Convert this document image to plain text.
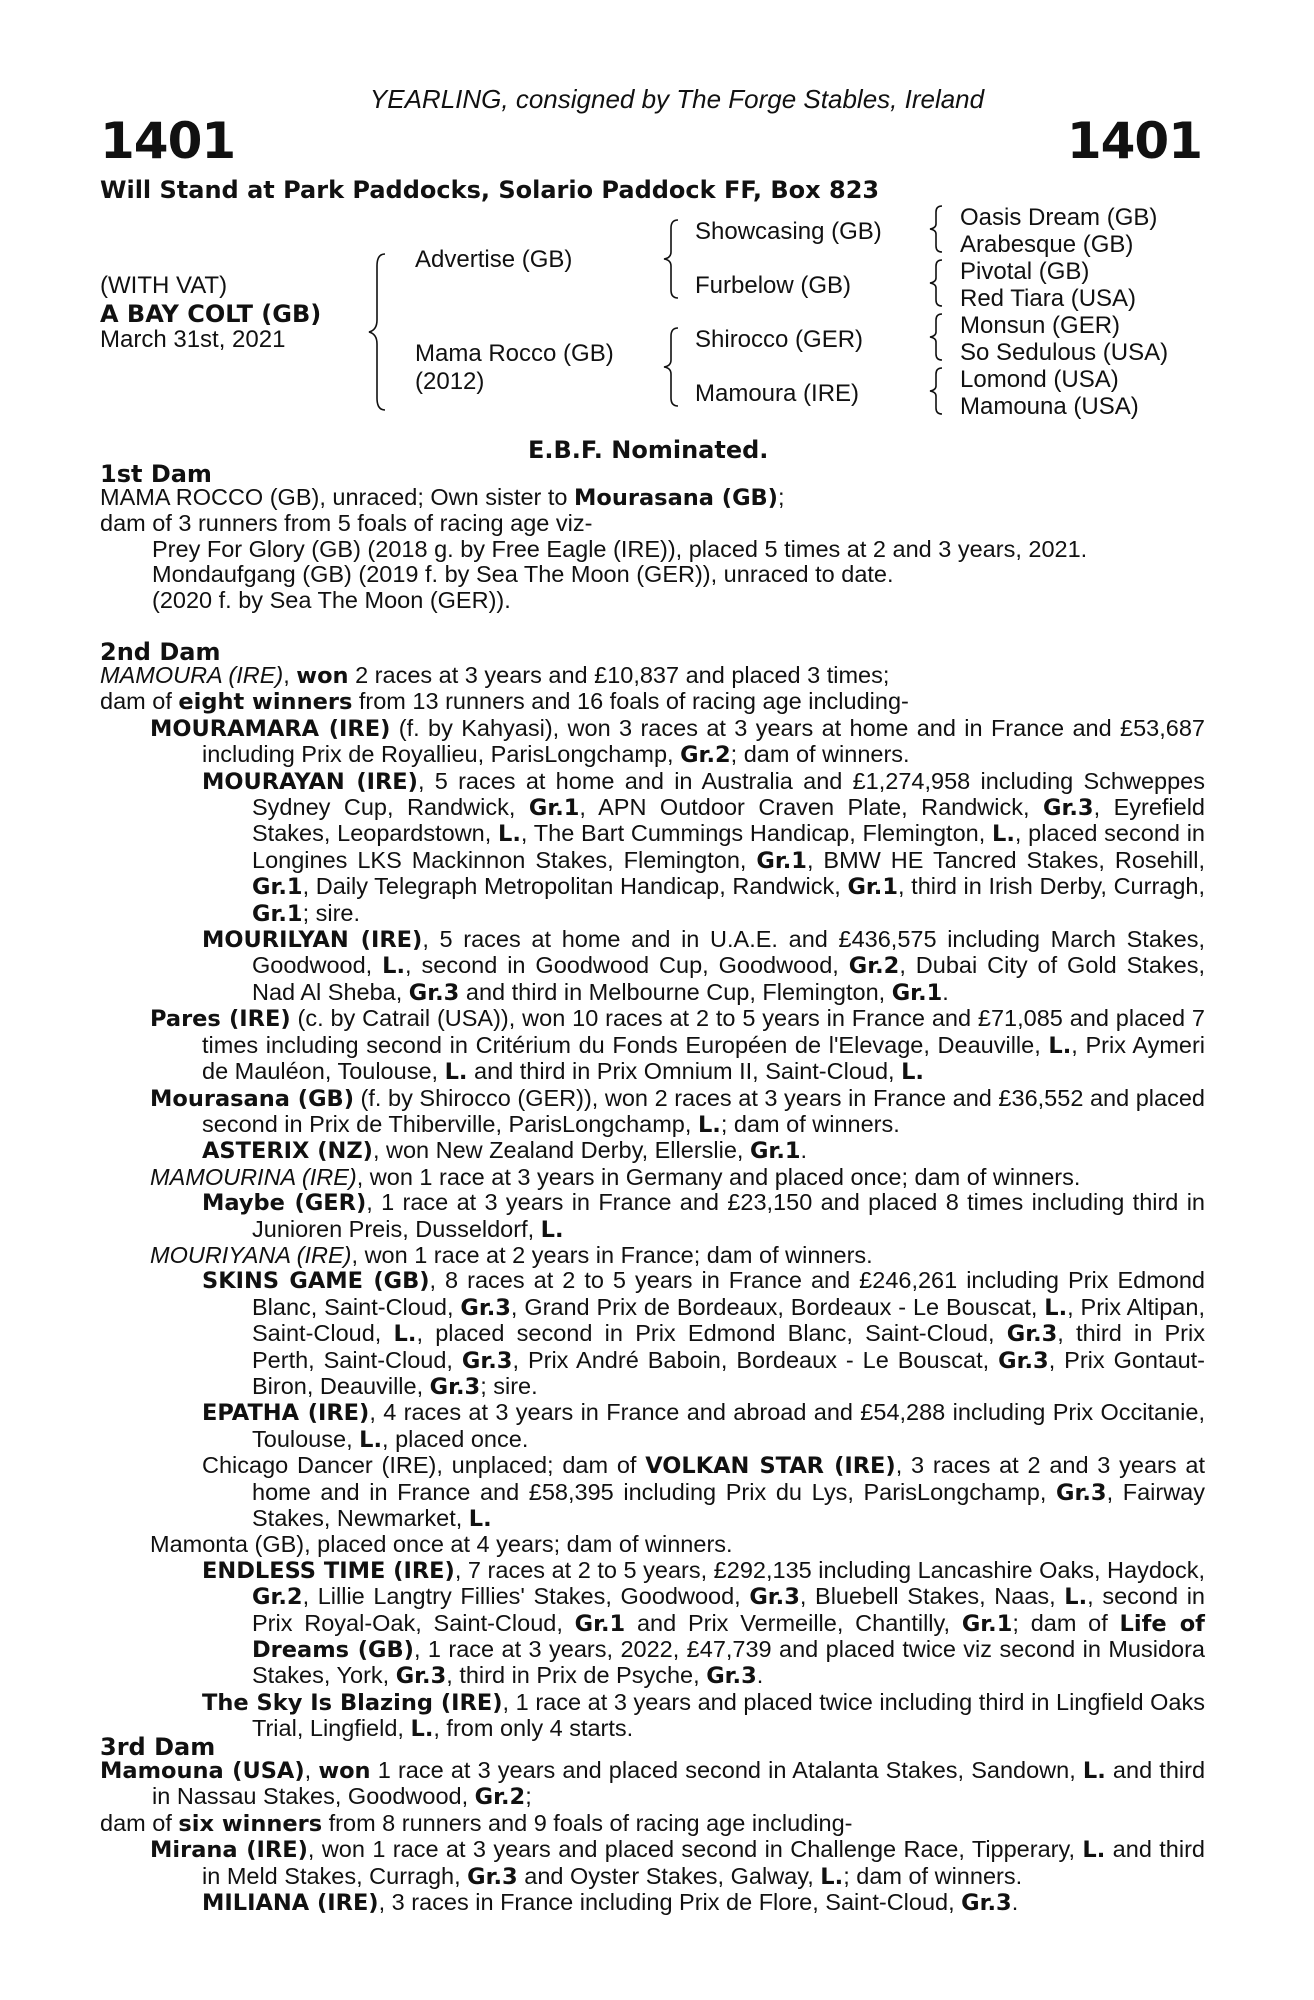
YEARLING, consigned by The Forge Stables, Ireland
1401	1401
Will Stand at Park Paddocks, Solario Paddock FF, Box 823
(WITH VAT)
A BAY COLT (GB)
March 31st, 2021
Advertise (GB)
Mama Rocco (GB)
(2012)
Showcasing (GB)
Furbelow (GB)
Shirocco (GER)
Mamoura (IRE)
Oasis Dream (GB)
Arabesque (GB)
Pivotal (GB)
Red Tiara (USA)
Monsun (GER)
So Sedulous (USA)
Lomond (USA)
Mamouna (USA)
E.B.F. Nominated.
1st Dam

MAMA ROCCO (GB), unraced; Own sister to Mourasana (GB);

dam of 3 runners from 5 foals of racing age viz-

Prey For Glory (GB) (2018 g. by Free Eagle (IRE)), placed 5 times at 2 and 3 years, 2021.

Mondaufgang (GB) (2019 f. by Sea The Moon (GER)), unraced to date.

(2020 f. by Sea The Moon (GER)).

2nd Dam

MAMOURA (IRE), won 2 races at 3 years and £10,837 and placed 3 times;

dam of eight winners from 13 runners and 16 foals of racing age including-

MOURAMARA (IRE) (f. by Kahyasi), won 3 races at 3 years at home and in France and £53,687 including Prix de Royallieu, ParisLongchamp, Gr.2; dam of winners.

MOURAYAN (IRE), 5 races at home and in Australia and £1,274,958 including Schweppes Sydney Cup, Randwick, Gr.1, APN Outdoor Craven Plate, Randwick, Gr.3, Eyrefield Stakes, Leopardstown, L., The Bart Cummings Handicap, Flemington, L., placed second in Longines LKS Mackinnon Stakes, Flemington, Gr.1, BMW HE Tancred Stakes, Rosehill, Gr.1, Daily Telegraph Metropolitan Handicap, Randwick, Gr.1, third in Irish Derby, Curragh, Gr.1; sire.

MOURILYAN (IRE), 5 races at home and in U.A.E. and £436,575 including March Stakes, Goodwood, L., second in Goodwood Cup, Goodwood, Gr.2, Dubai City of Gold Stakes, Nad Al Sheba, Gr.3 and third in Melbourne Cup, Flemington, Gr.1.

Pares (IRE) (c. by Catrail (USA)), won 10 races at 2 to 5 years in France and £71,085 and placed 7 times including second in Critérium du Fonds Européen de l'Elevage, Deauville, L., Prix Aymeri de Mauléon, Toulouse, L. and third in Prix Omnium II, Saint-Cloud, L.

Mourasana (GB) (f. by Shirocco (GER)), won 2 races at 3 years in France and £36,552 and placed second in Prix de Thiberville, ParisLongchamp, L.; dam of winners.

ASTERIX (NZ), won New Zealand Derby, Ellerslie, Gr.1.

MAMOURINA (IRE), won 1 race at 3 years in Germany and placed once; dam of winners.

Maybe (GER), 1 race at 3 years in France and £23,150 and placed 8 times including third in Junioren Preis, Dusseldorf, L.

MOURIYANA (IRE), won 1 race at 2 years in France; dam of winners.

SKINS GAME (GB), 8 races at 2 to 5 years in France and £246,261 including Prix Edmond Blanc, Saint-Cloud, Gr.3, Grand Prix de Bordeaux, Bordeaux - Le Bouscat, L., Prix Altipan, Saint-Cloud, L., placed second in Prix Edmond Blanc, Saint-Cloud, Gr.3, third in Prix Perth, Saint-Cloud, Gr.3, Prix André Baboin, Bordeaux - Le Bouscat, Gr.3, Prix Gontaut-Biron, Deauville, Gr.3; sire.

EPATHA (IRE), 4 races at 3 years in France and abroad and £54,288 including Prix Occitanie, Toulouse, L., placed once.

Chicago Dancer (IRE), unplaced; dam of VOLKAN STAR (IRE), 3 races at 2 and 3 years at home and in France and £58,395 including Prix du Lys, ParisLongchamp, Gr.3, Fairway Stakes, Newmarket, L.

Mamonta (GB), placed once at 4 years; dam of winners.

ENDLESS TIME (IRE), 7 races at 2 to 5 years, £292,135 including Lancashire Oaks, Haydock, Gr.2, Lillie Langtry Fillies' Stakes, Goodwood, Gr.3, Bluebell Stakes, Naas, L., second in Prix Royal-Oak, Saint-Cloud, Gr.1 and Prix Vermeille, Chantilly, Gr.1; dam of Life of Dreams (GB), 1 race at 3 years, 2022, £47,739 and placed twice viz second in Musidora Stakes, York, Gr.3, third in Prix de Psyche, Gr.3.

The Sky Is Blazing (IRE), 1 race at 3 years and placed twice including third in Lingfield Oaks Trial, Lingfield, L., from only 4 starts.

3rd Dam

Mamouna (USA), won 1 race at 3 years and placed second in Atalanta Stakes, Sandown, L. and third in Nassau Stakes, Goodwood, Gr.2;

dam of six winners from 8 runners and 9 foals of racing age including-

Mirana (IRE), won 1 race at 3 years and placed second in Challenge Race, Tipperary, L. and third in Meld Stakes, Curragh, Gr.3 and Oyster Stakes, Galway, L.; dam of winners.

MILIANA (IRE), 3 races in France including Prix de Flore, Saint-Cloud, Gr.3.
